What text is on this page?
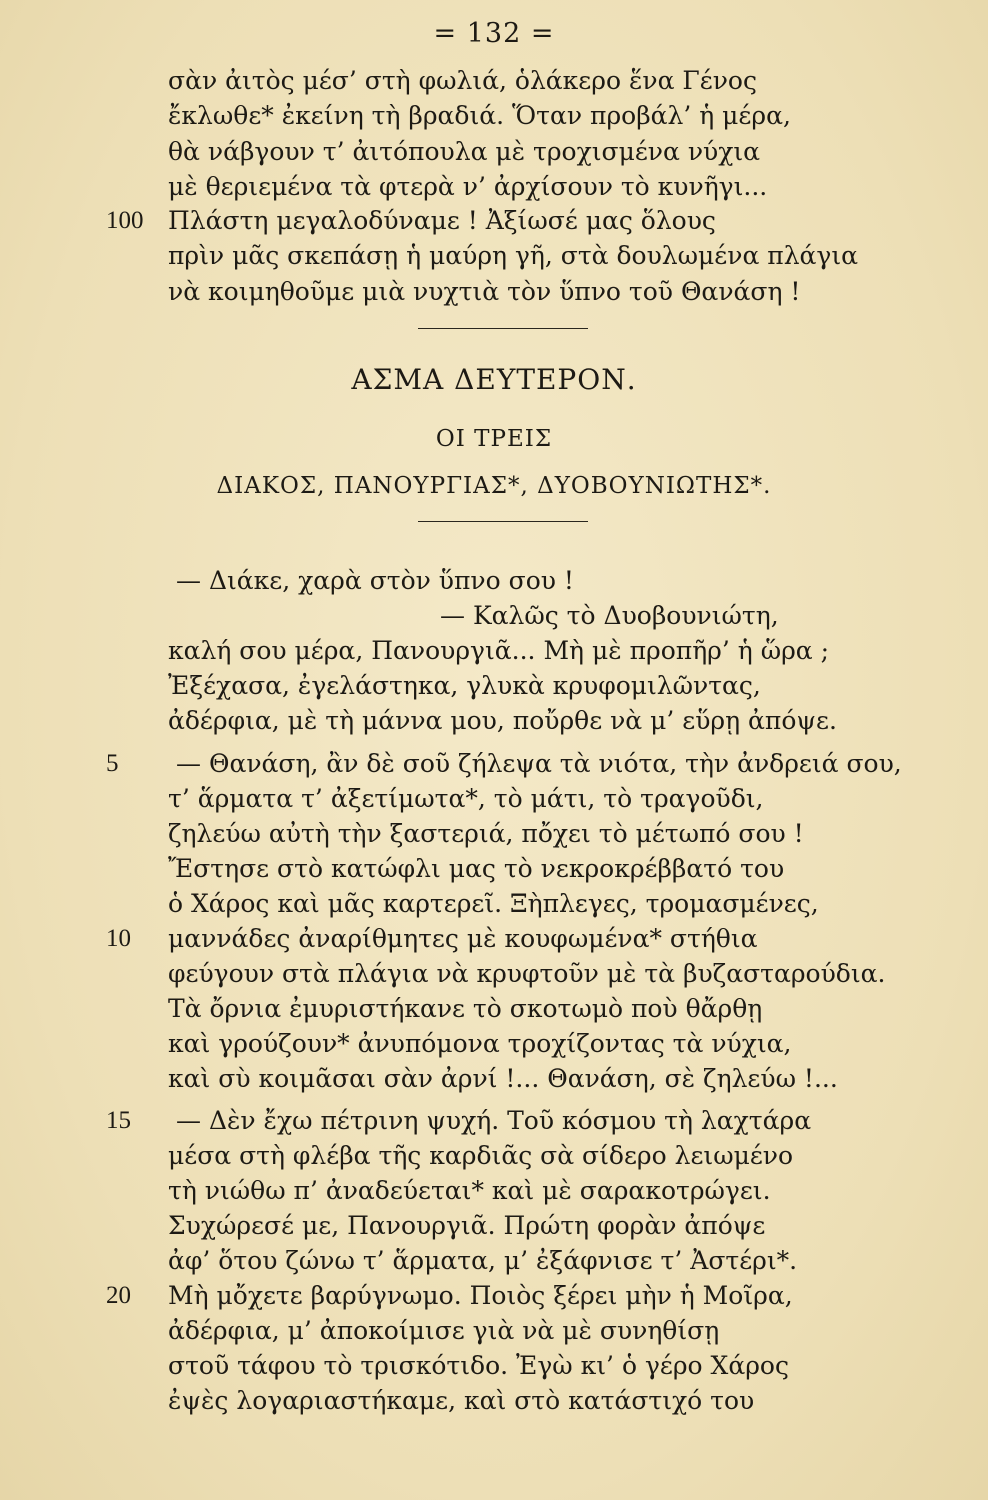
= 132 =
σὰν ἀιτὸς μέσ’ στὴ φωλιά, ὁλάκερο ἕνα Γένος
ἔκλωθε* ἐκείνη τὴ βραδιά. Ὅταν προβάλ’ ἡ μέρα,
θὰ νάβγουν τ’ ἀιτόπουλα μὲ τροχισμένα νύχια
μὲ θεριεμένα τὰ φτερὰ ν’ ἀρχίσουν τὸ κυνῆγι...
100 Πλάστη μεγαλοδύναμε ! Ἀξίωσέ μας ὅλους
πρὶν μᾶς σκεπάσῃ ἡ μαύρη γῆ, στὰ δουλωμένα πλάγια
νὰ κοιμηθοῦμε μιὰ νυχτιὰ τὸν ὕπνο τοῦ Θανάση !
ΑΣΜΑ ΔΕΥΤΕΡΟΝ.
ΟΙ ΤΡΕΙΣ
ΔΙΑΚΟΣ, ΠΑΝΟΥΡΓΙΑΣ*, ΔΥΟΒΟΥΝΙΩΤΗΣ*.
— Διάκε, χαρὰ στὸν ὕπνο σου !
— Καλῶς τὸ Δυοβουνιώτη,
καλή σου μέρα, Πανουργιᾶ... Μὴ μὲ προπῆρ’ ἡ ὥρα ;
Ἐξέχασα, ἐγελάστηκα, γλυκὰ κρυφομιλῶντας,
ἀδέρφια, μὲ τὴ μάννα μου, ποὔρθε νὰ μ’ εὕρῃ ἀπόψε.
5 — Θανάση, ἂν δὲ σοῦ ζήλεψα τὰ νιότα, τὴν ἀνδρειά σου,
τ’ ἅρματα τ’ ἀξετίμωτα*, τὸ μάτι, τὸ τραγοῦδι,
ζηλεύω αὐτὴ τὴν ξαστεριά, πὄχει τὸ μέτωπό σου !
Ἔστησε στὸ κατώφλι μας τὸ νεκροκρέββατό του
ὁ Χάρος καὶ μᾶς καρτερεῖ. Ξὴπλεγες, τρομασμένες,
10 μαννάδες ἀναρίθμητες μὲ κουφωμένα* στήθια
φεύγουν στὰ πλάγια νὰ κρυφτοῦν μὲ τὰ βυζασταρούδια.
Τὰ ὄρνια ἐμυριστήκανε τὸ σκοτωμὸ ποὺ θἄρθῃ
καὶ γρούζουν* ἀνυπόμονα τροχίζοντας τὰ νύχια,
καὶ σὺ κοιμᾶσαι σὰν ἀρνί !... Θανάση, σὲ ζηλεύω !...
15 — Δὲν ἔχω πέτρινη ψυχή. Τοῦ κόσμου τὴ λαχτάρα
μέσα στὴ φλέβα τῆς καρδιᾶς σὰ σίδερο λειωμένο
τὴ νιώθω π’ ἀναδεύεται* καὶ μὲ σαρακοτρώγει.
Συχώρεσέ με, Πανουργιᾶ. Πρώτη φορὰν ἀπόψε
ἀφ’ ὅτου ζώνω τ’ ἅρματα, μ’ ἐξάφνισε τ’ Ἀστέρι*.
20 Μὴ μὄχετε βαρύγνωμο. Ποιὸς ξέρει μὴν ἡ Μοῖρα,
ἀδέρφια, μ’ ἀποκοίμισε γιὰ νὰ μὲ συνηθίσῃ
στοῦ τάφου τὸ τρισκότιδο. Ἐγὼ κι’ ὁ γέρο Χάρος
ἐψὲς λογαριαστήκαμε, καὶ στὸ κατάστιχό του
